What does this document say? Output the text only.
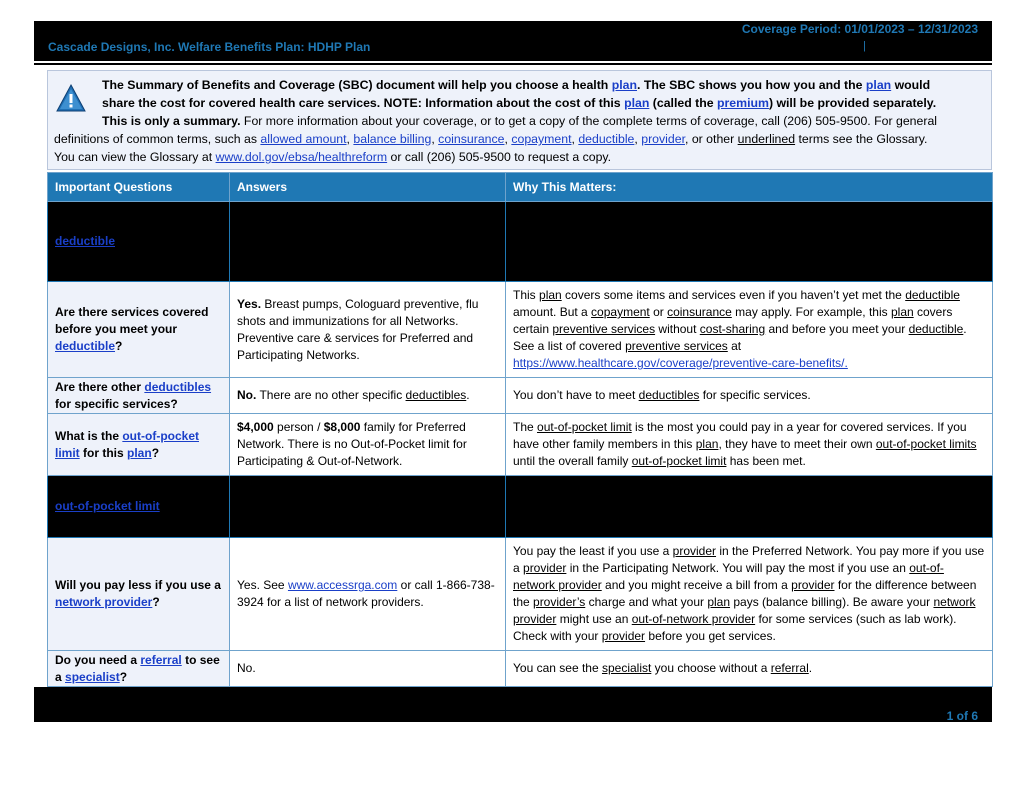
Cascade Designs, Inc. Welfare Benefits Plan: HDHP Plan
Coverage Period: 01/01/2023 – 12/31/2023
|
The Summary of Benefits and Coverage (SBC) document will help you choose a health plan. The SBC shows you how you and the plan would
share the cost for covered health care services. NOTE: Information about the cost of this plan (called the premium) will be provided separately.
This is only a summary. For more information about your coverage, or to get a copy of the complete terms of coverage, call (206) 505-9500. For general
definitions of common terms, such as allowed amount, balance billing, coinsurance, copayment, deductible, provider, or other underlined terms see the Glossary.
You can view the Glossary at www.dol.gov/ebsa/healthreform or call (206) 505-9500 to request a copy.
Important Questions	Answers	Why This Matters:
deductible		
Are there services covered before you meet your deductible?	Yes. Breast pumps, Cologuard preventive, flu shots and immunizations for all Networks. Preventive care & services for Preferred and Participating Networks.	This plan covers some items and services even if you haven’t yet met the deductible amount. But a copayment or coinsurance may apply. For example, this plan covers certain preventive services without cost-sharing and before you meet your deductible. See a list of covered preventive services at https://www.healthcare.gov/coverage/preventive-care-benefits/.
Are there other deductibles for specific services?	No. There are no other specific deductibles.	You don’t have to meet deductibles for specific services.
What is the out-of-pocket limit for this plan?	$4,000 person / $8,000 family for Preferred Network. There is no Out-of-Pocket limit for Participating & Out-of-Network.	The out-of-pocket limit is the most you could pay in a year for covered services. If you have other family members in this plan, they have to meet their own out-of-pocket limits until the overall family out-of-pocket limit has been met.
out-of-pocket limit		
Will you pay less if you use a network provider?	Yes. See www.accessrga.com or call 1-866-738-3924 for a list of network providers.	You pay the least if you use a provider in the Preferred Network. You pay more if you use a provider in the Participating Network. You will pay the most if you use an out-of-network provider and you might receive a bill from a provider for the difference between the provider’s charge and what your plan pays (balance billing). Be aware your network provider might use an out-of-network provider for some services (such as lab work). Check with your provider before you get services.
Do you need a referral to see a specialist?	No.	You can see the specialist you choose without a referral.
1 of 6
